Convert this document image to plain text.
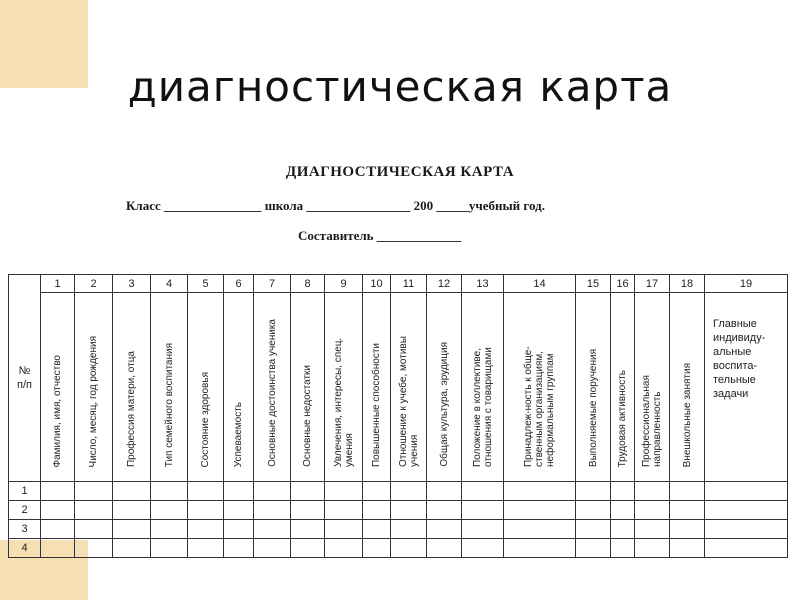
диагностическая карта
ДИАГНОСТИЧЕСКАЯ КАРТА
Класс _______________ школа ________________ 200 _____учебный год.
Составитель _____________
№
п/п	1	2	3	4	5	6	7	8	9	10	11	12	13	14	15	16	17	18	19

	Фамилия, имя, отчество	Число, месяц, год рождения	Профессия матери, отца	Тип семейного воспитания	Состояние здоровья	Успеваемость	Основные достоинства ученика	Основные недостатки	Увлечения, интересы, спец. умения	Повышенные способности	Отношение к учебе, мотивы учения	Общая культура, эрудиция	Положение в коллективе, отношения с товарищами	Принадлеж-ность к обще-ственным организациям, неформальным группам	Выполняемые поручения	Трудовая активность	Профессиональная направленность	Внешкольные занятия	Главные индивиду-альные воспита-тельные задачи

1																			
2																			
3																			
4																			
